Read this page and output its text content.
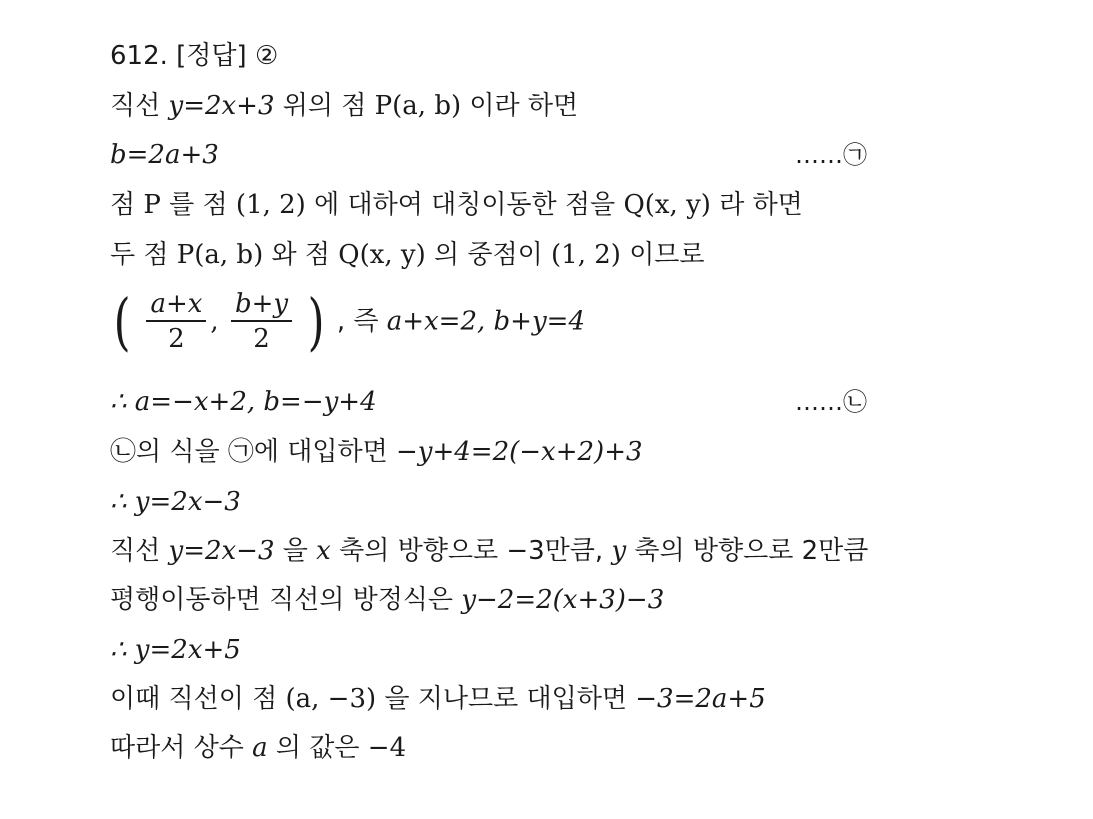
612. [정답] ②
직선 y=2x+3 위의 점 P(a, b) 이라 하면
b=2a+3	……㉠
점 P 를 점 (1, 2) 에 대하여 대칭이동한 점을 Q(x, y) 라 하면
두 점 P(a, b) 와 점 Q(x, y) 의 중점이 (1, 2) 이므로
( $\frac{a+x}{2}$ , $\frac{b+y}{2}$ ) , 즉 a+x=2, b+y=4
∴ a=−x+2, b=−y+4	……㉡
㉡의 식을 ㉠에 대입하면 −y+4=2(−x+2)+3
∴ y=2x−3
직선 y=2x−3 을 x 축의 방향으로 −3만큼, y 축의 방향으로 2만큼
평행이동하면 직선의 방정식은 y−2=2(x+3)−3
∴ y=2x+5
이때 직선이 점 (a, −3) 을 지나므로 대입하면 −3=2a+5
따라서 상수 a 의 값은 −4
